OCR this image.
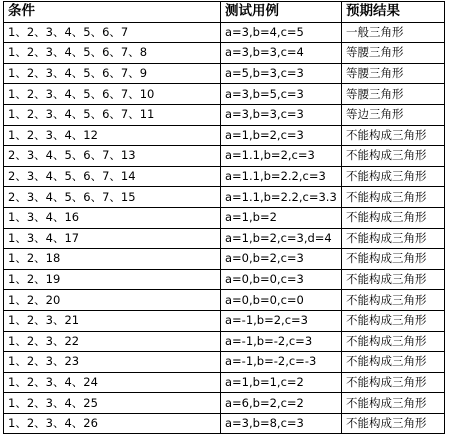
条件	测试用例	预期结果
1、2、3、4、5、6、7	a=3,b=4,c=5	一般三角形
1、2、3、4、5、6、7、8	a=3,b=3,c=4	等腰三角形
1、2、3、4、5、6、7、9	a=5,b=3,c=3	等腰三角形
1、2、3、4、5、6、7、10	a=3,b=5,c=3	等腰三角形
1、2、3、4、5、6、7、11	a=3,b=3,c=3	等边三角形
1、2、3、4、12	a=1,b=2,c=3	不能构成三角形
2、3、4、5、6、7、13	a=1.1,b=2,c=3	不能构成三角形
2、3、4、5、6、7、14	a=1.1,b=2.2,c=3	不能构成三角形
2、3、4、5、6、7、15	a=1.1,b=2.2,c=3.3	不能构成三角形
1、3、4、16	a=1,b=2	不能构成三角形
1、3、4、17	a=1,b=2,c=3,d=4	不能构成三角形
1、2、18	a=0,b=2,c=3	不能构成三角形
1、2、19	a=0,b=0,c=3	不能构成三角形
1、2、20	a=0,b=0,c=0	不能构成三角形
1、2、3、21	a=-1,b=2,c=3	不能构成三角形
1、2、3、22	a=-1,b=-2,c=3	不能构成三角形
1、2、3、23	a=-1,b=-2,c=-3	不能构成三角形
1、2、3、4、24	a=1,b=1,c=2	不能构成三角形
1、2、3、4、25	a=6,b=2,c=2	不能构成三角形
1、2、3、4、26	a=3,b=8,c=3	不能构成三角形
